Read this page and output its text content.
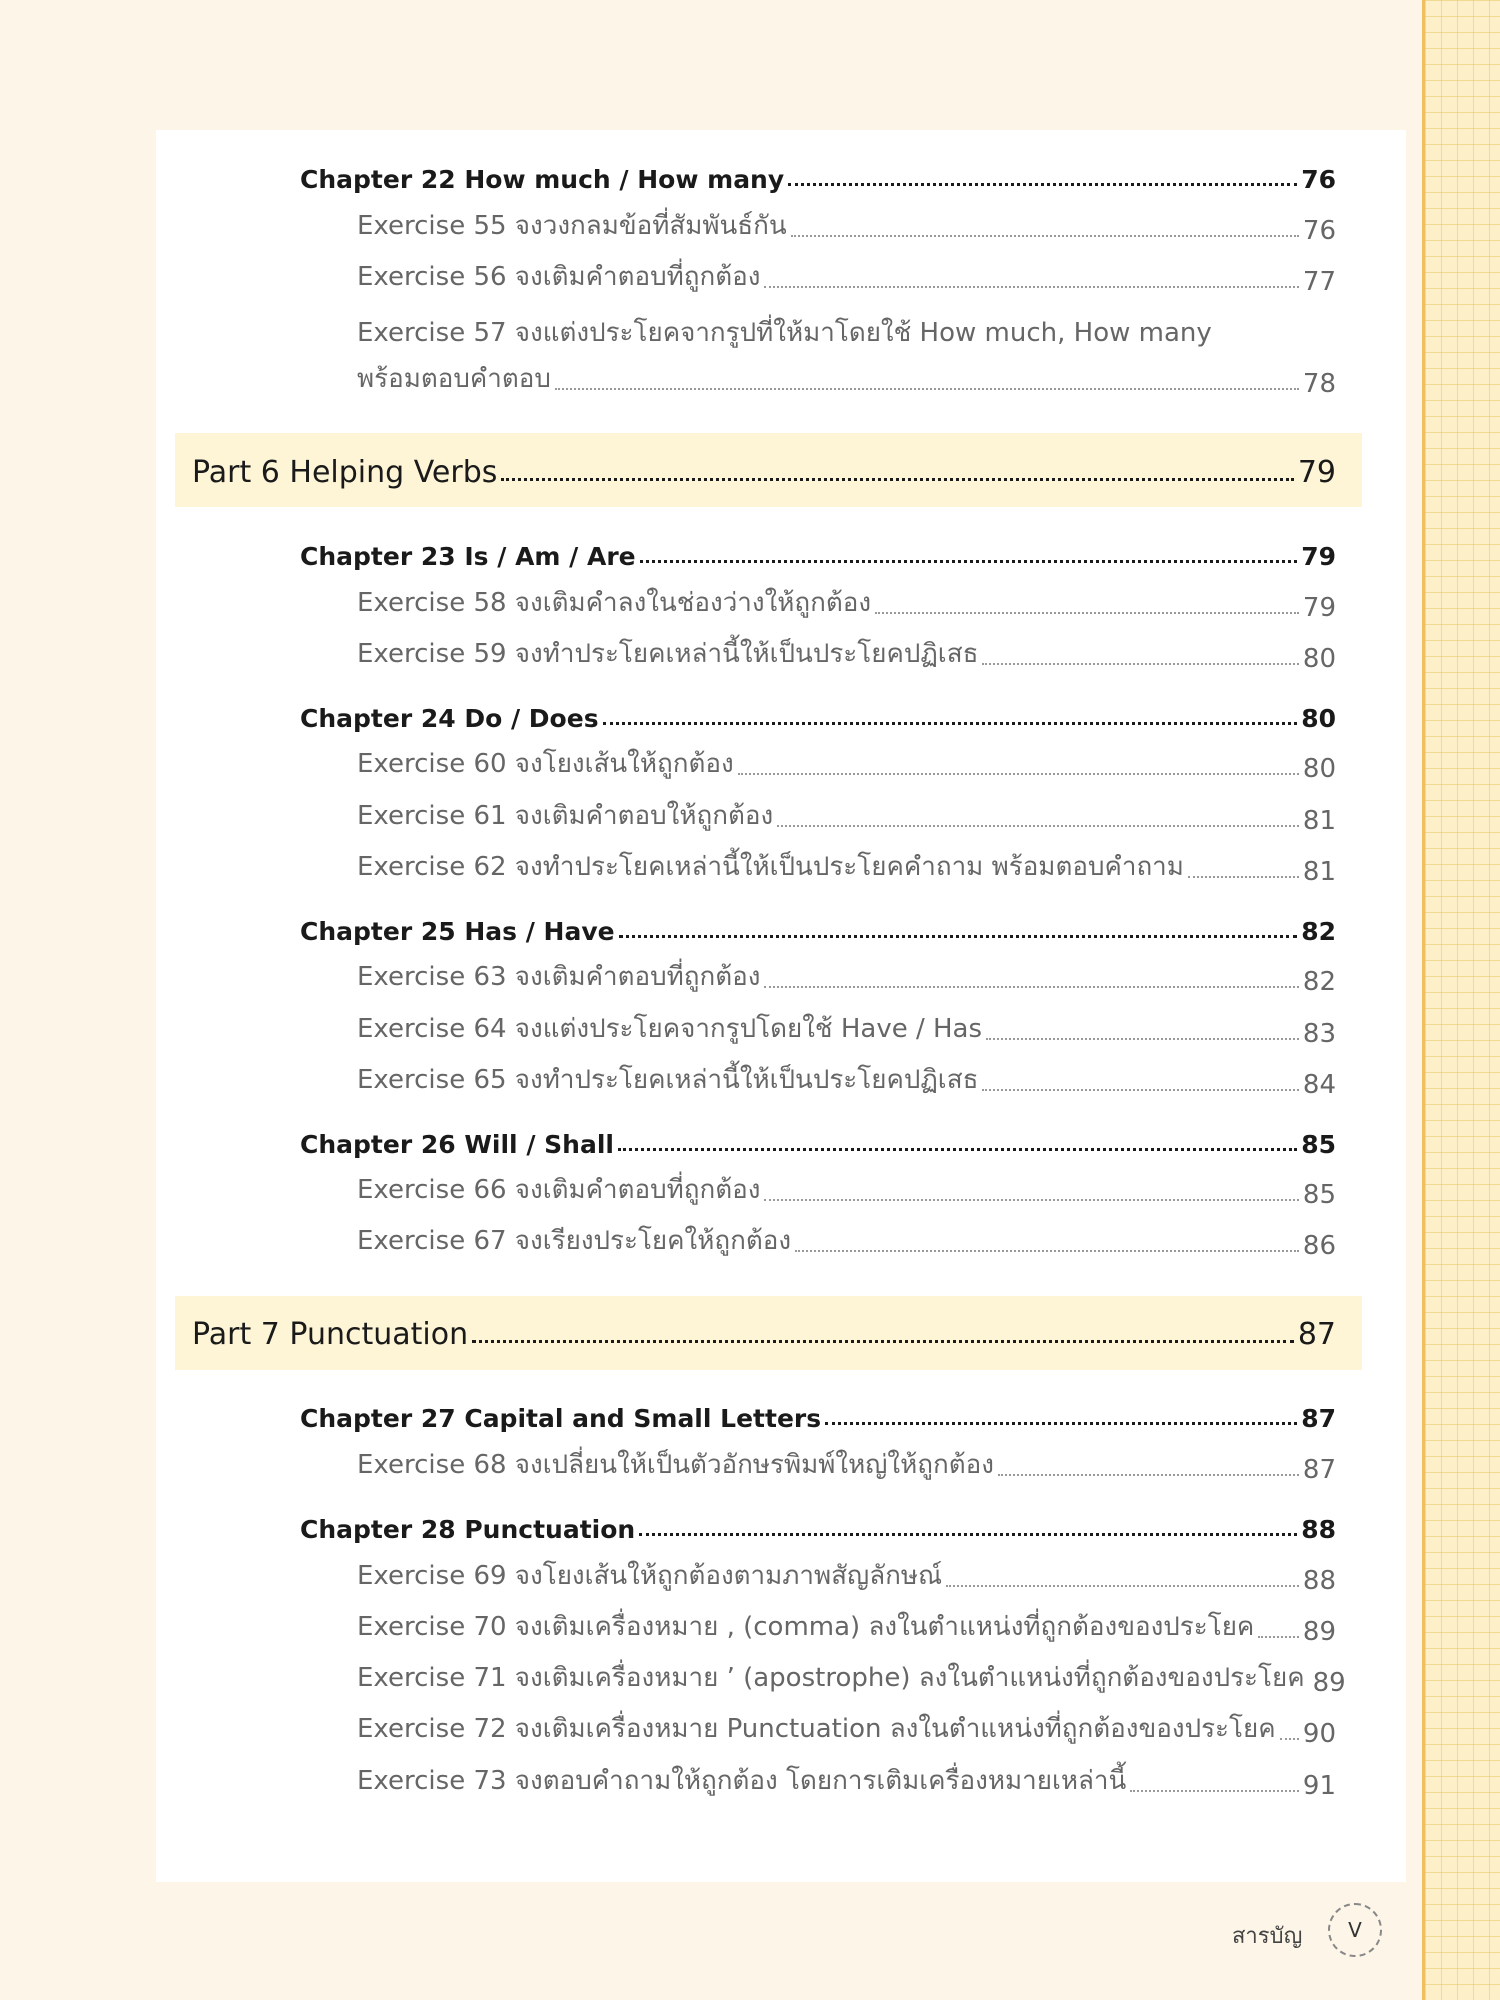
Chapter 22 How much / How many	76
Exercise 55 จงวงกลมข้อที่สัมพันธ์กัน	76
Exercise 56 จงเติมคำตอบที่ถูกต้อง	77
Exercise 57 จงแต่งประโยคจากรูปที่ให้มาโดยใช้ How much, How many
พร้อมตอบคำตอบ	78
Part 6 Helping Verbs	79
Chapter 23 Is / Am / Are	79
Exercise 58 จงเติมคำลงในช่องว่างให้ถูกต้อง	79
Exercise 59 จงทำประโยคเหล่านี้ให้เป็นประโยคปฏิเสธ	80
Chapter 24 Do / Does	80
Exercise 60 จงโยงเส้นให้ถูกต้อง	80
Exercise 61 จงเติมคำตอบให้ถูกต้อง	81
Exercise 62 จงทำประโยคเหล่านี้ให้เป็นประโยคคำถาม พร้อมตอบคำถาม	81
Chapter 25 Has / Have	82
Exercise 63 จงเติมคำตอบที่ถูกต้อง	82
Exercise 64 จงแต่งประโยคจากรูปโดยใช้ Have / Has	83
Exercise 65 จงทำประโยคเหล่านี้ให้เป็นประโยคปฏิเสธ	84
Chapter 26 Will / Shall	85
Exercise 66 จงเติมคำตอบที่ถูกต้อง	85
Exercise 67 จงเรียงประโยคให้ถูกต้อง	86
Part 7 Punctuation	87
Chapter 27 Capital and Small Letters	87
Exercise 68 จงเปลี่ยนให้เป็นตัวอักษรพิมพ์ใหญ่ให้ถูกต้อง	87
Chapter 28 Punctuation	88
Exercise 69 จงโยงเส้นให้ถูกต้องตามภาพสัญลักษณ์	88
Exercise 70 จงเติมเครื่องหมาย , (comma) ลงในตำแหน่งที่ถูกต้องของประโยค 89
Exercise 71 จงเติมเครื่องหมาย ’ (apostrophe) ลงในตำแหน่งที่ถูกต้องของประโยค 89
Exercise 72 จงเติมเครื่องหมาย Punctuation ลงในตำแหน่งที่ถูกต้องของประโยค 90
Exercise 73 จงตอบคำถามให้ถูกต้อง โดยการเติมเครื่องหมายเหล่านี้	91
สารบัญ V
